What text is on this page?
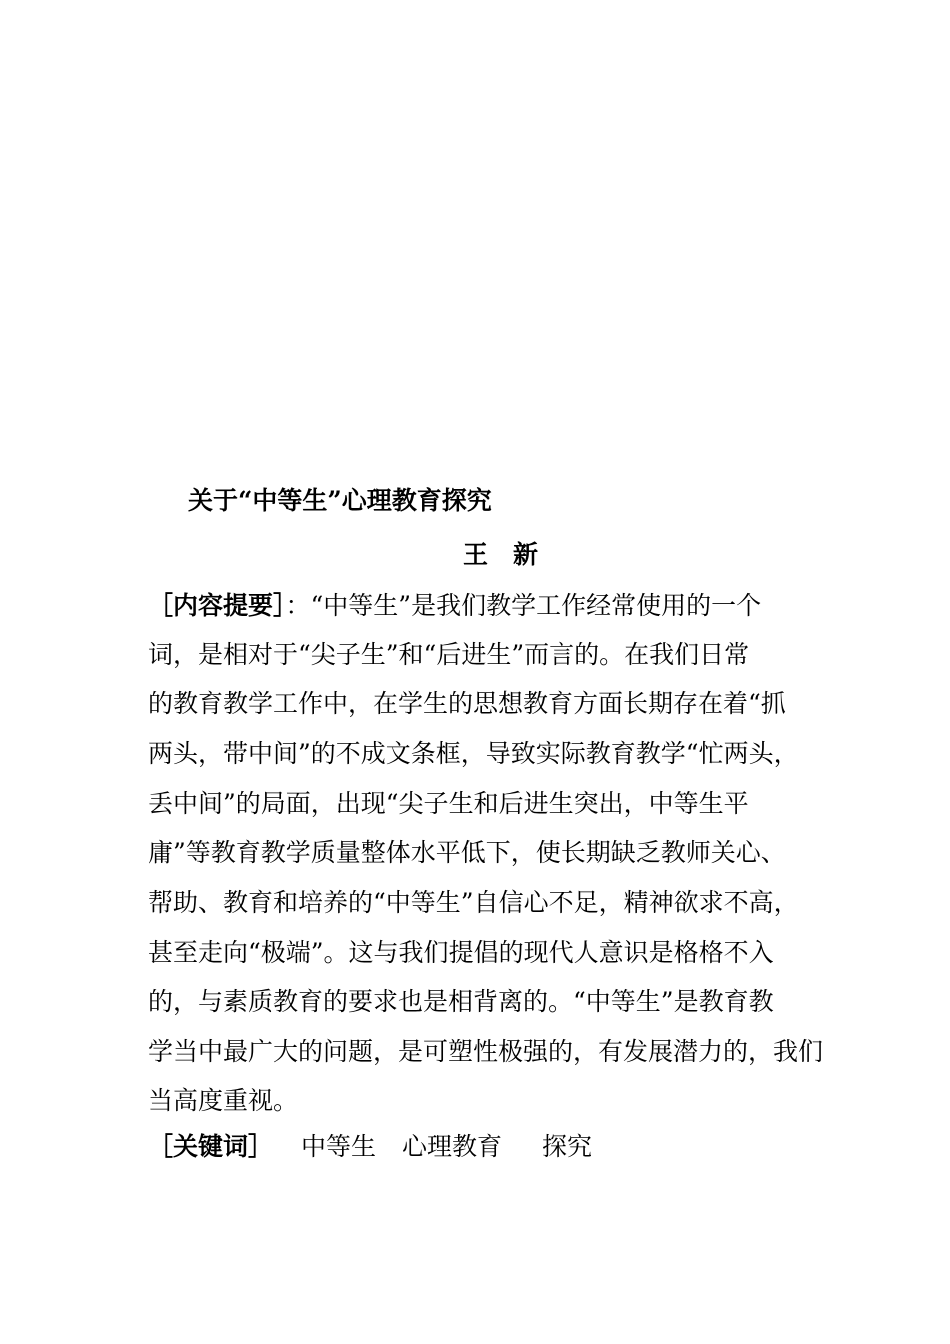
关于“中等生”心理教育探究
王　新
［内容提要］：“中等生”是我们教学工作经常使用的一个
词，是相对于“尖子生”和“后进生”而言的。在我们日常
的教育教学工作中，在学生的思想教育方面长期存在着“抓
两头，带中间”的不成文条框，导致实际教育教学“忙两头，
丢中间”的局面，出现“尖子生和后进生突出，中等生平
庸”等教育教学质量整体水平低下，使长期缺乏教师关心、
帮助、教育和培养的“中等生”自信心不足，精神欲求不高，
甚至走向“极端”。这与我们提倡的现代人意识是格格不入
的，与素质教育的要求也是相背离的。“中等生”是教育教
学当中最广大的问题，是可塑性极强的，有发展潜力的，我们
当高度重视。
［关键词］ 中等生 心理教育 探究
